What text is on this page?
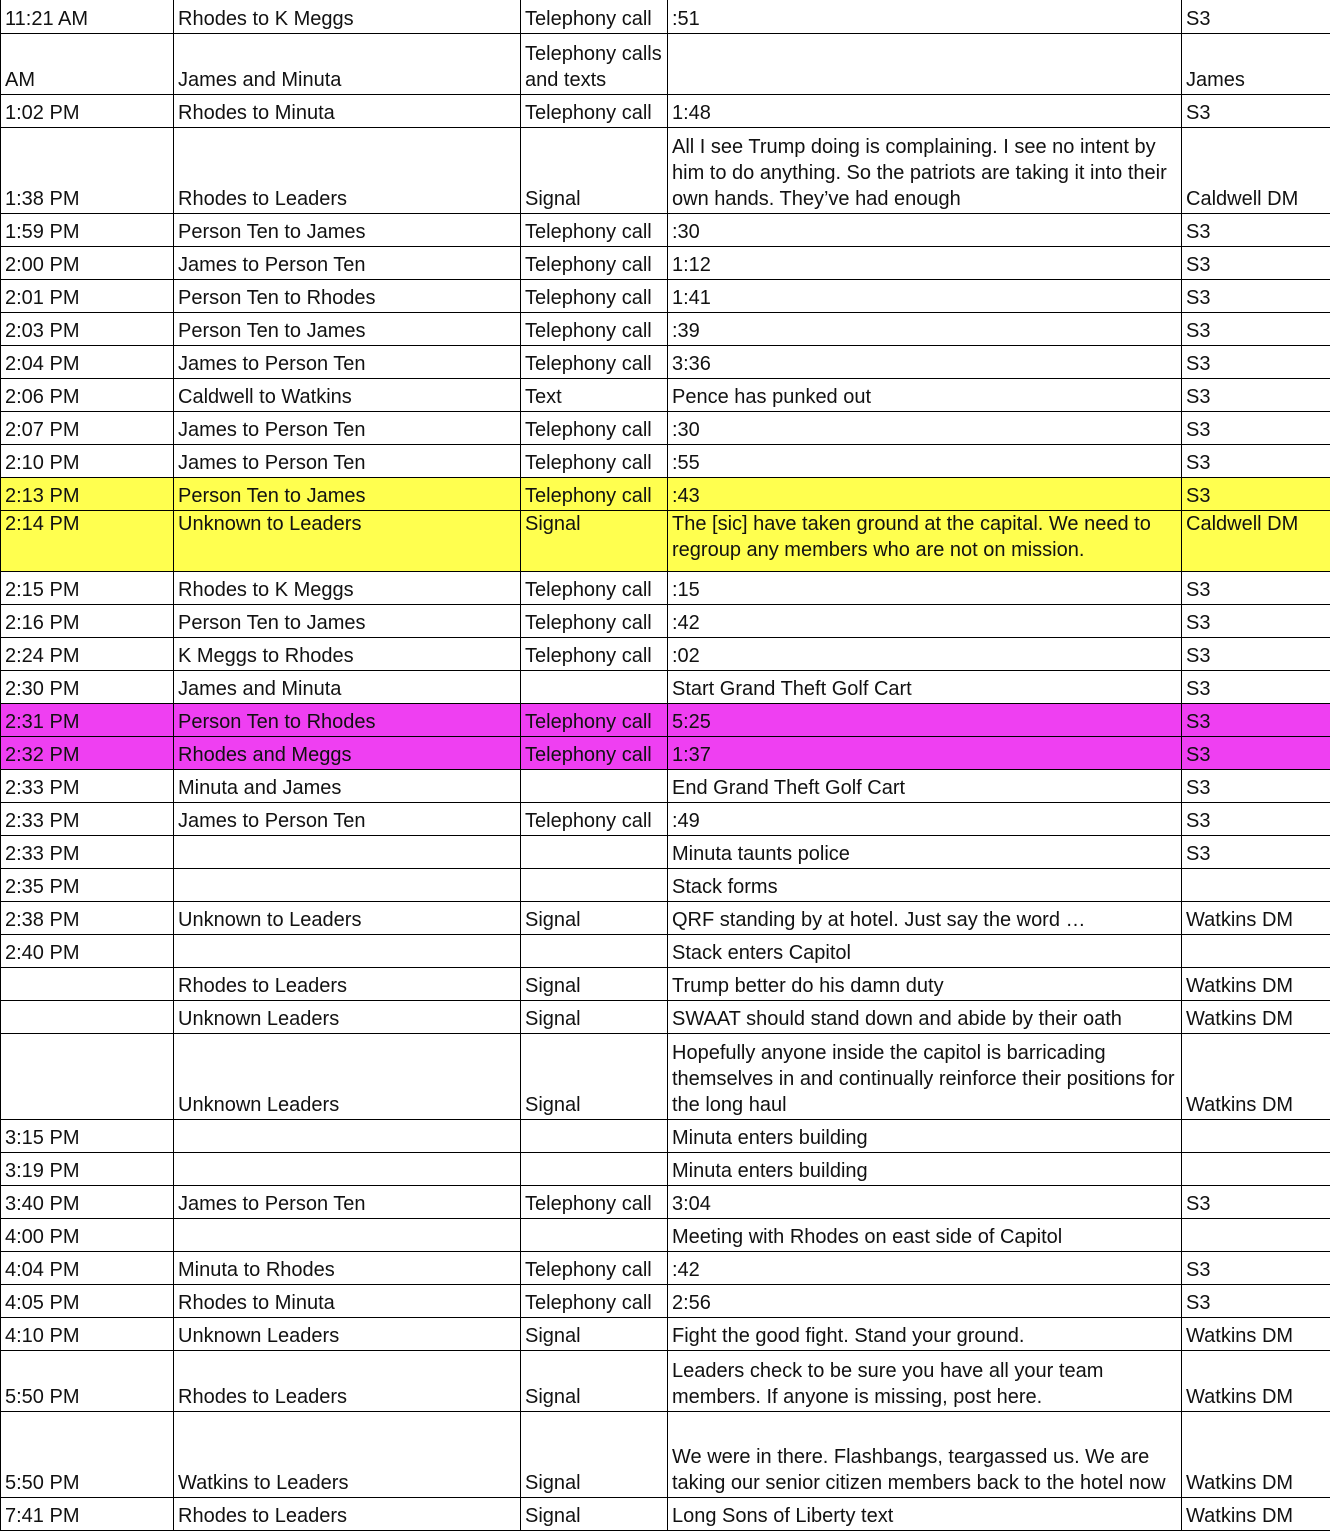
11:21 AM	Rhodes to K Meggs	Telephony call	:51	S3
AM	James and Minuta	Telephony calls and texts		James
1:02 PM	Rhodes to Minuta	Telephony call	1:48	S3
1:38 PM	Rhodes to Leaders	Signal	All I see Trump doing is complaining. I see no intent by him to do anything. So the patriots are taking it into their own hands. They’ve had enough	Caldwell DM
1:59 PM	Person Ten to James	Telephony call	:30	S3
2:00 PM	James to Person Ten	Telephony call	1:12	S3
2:01 PM	Person Ten to Rhodes	Telephony call	1:41	S3
2:03 PM	Person Ten to James	Telephony call	:39	S3
2:04 PM	James to Person Ten	Telephony call	3:36	S3
2:06 PM	Caldwell to Watkins	Text	Pence has punked out	S3
2:07 PM	James to Person Ten	Telephony call	:30	S3
2:10 PM	James to Person Ten	Telephony call	:55	S3
2:13 PM	Person Ten to James	Telephony call	:43	S3
2:14 PM	Unknown to Leaders	Signal	The [sic] have taken ground at the capital. We need to regroup any members who are not on mission.	Caldwell DM
2:15 PM	Rhodes to K Meggs	Telephony call	:15	S3
2:16 PM	Person Ten to James	Telephony call	:42	S3
2:24 PM	K Meggs to Rhodes	Telephony call	:02	S3
2:30 PM	James and Minuta		Start Grand Theft Golf Cart	S3
2:31 PM	Person Ten to Rhodes	Telephony call	5:25	S3
2:32 PM	Rhodes and Meggs	Telephony call	1:37	S3
2:33 PM	Minuta and James		End Grand Theft Golf Cart	S3
2:33 PM	James to Person Ten	Telephony call	:49	S3
2:33 PM			Minuta taunts police	S3
2:35 PM			Stack forms	
2:38 PM	Unknown to Leaders	Signal	QRF standing by at hotel. Just say the word …	Watkins DM
2:40 PM			Stack enters Capitol	
	Rhodes to Leaders	Signal	Trump better do his damn duty	Watkins DM
	Unknown Leaders	Signal	SWAAT should stand down and abide by their oath	Watkins DM
	Unknown Leaders	Signal	Hopefully anyone inside the capitol is barricading themselves in and continually reinforce their positions for the long haul	Watkins DM
3:15 PM			Minuta enters building	
3:19 PM			Minuta enters building	
3:40 PM	James to Person Ten	Telephony call	3:04	S3
4:00 PM			Meeting with Rhodes on east side of Capitol	
4:04 PM	Minuta to Rhodes	Telephony call	:42	S3
4:05 PM	Rhodes to Minuta	Telephony call	2:56	S3
4:10 PM	Unknown Leaders	Signal	Fight the good fight. Stand your ground.	Watkins DM
5:50 PM	Rhodes to Leaders	Signal	Leaders check to be sure you have all your team members. If anyone is missing, post here.	Watkins DM
5:50 PM	Watkins to Leaders	Signal	We were in there. Flashbangs, teargassed us. We are taking our senior citizen members back to the hotel now	Watkins DM
7:41 PM	Rhodes to Leaders	Signal	Long Sons of Liberty text	Watkins DM
